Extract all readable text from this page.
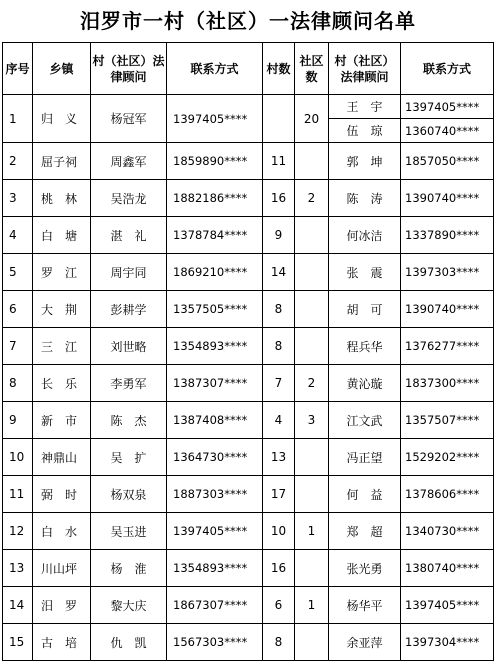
汨罗市一村（社区）一法律顾问名单
序号	乡镇	村（社区）法律顾问	联系方式	村数	社区数	村（社区）法律顾问	联系方式
1	归　义	杨冠军	1397405****		20	王　宇	1397405****
						伍　琼	1360740****
2	屈子祠	周鑫军	1859890****	11		郭　坤	1857050****
3	桃　林	吴浩龙	1882186****	16	2	陈　涛	1390740****
4	白　塘	湛　礼	1378784****	9		何冰洁	1337890****
5	罗　江	周宇同	1869210****	14		张　震	1397303****
6	大　荆	彭耕学	1357505****	8		胡　可	1390740****
7	三　江	刘世略	1354893****	8		程兵华	1376277****
8	长　乐	李勇军	1387307****	7	2	黄沁璇	1837300****
9	新　市	陈　杰	1387408****	4	3	江文武	1357507****
10	神鼎山	吴　扩	1364730****	13		冯正望	1529202****
11	弼　时	杨双泉	1887303****	17		何　益	1378606****
12	白　水	吴玉进	1397405****	10	1	郑　超	1340730****
13	川山坪	杨　淮	1354893****	16		张光勇	1380740****
14	汨　罗	黎大庆	1867307****	6	1	杨华平	1397405****
15	古　培	仇　凯	1567303****	8		余亚萍	1397304****
